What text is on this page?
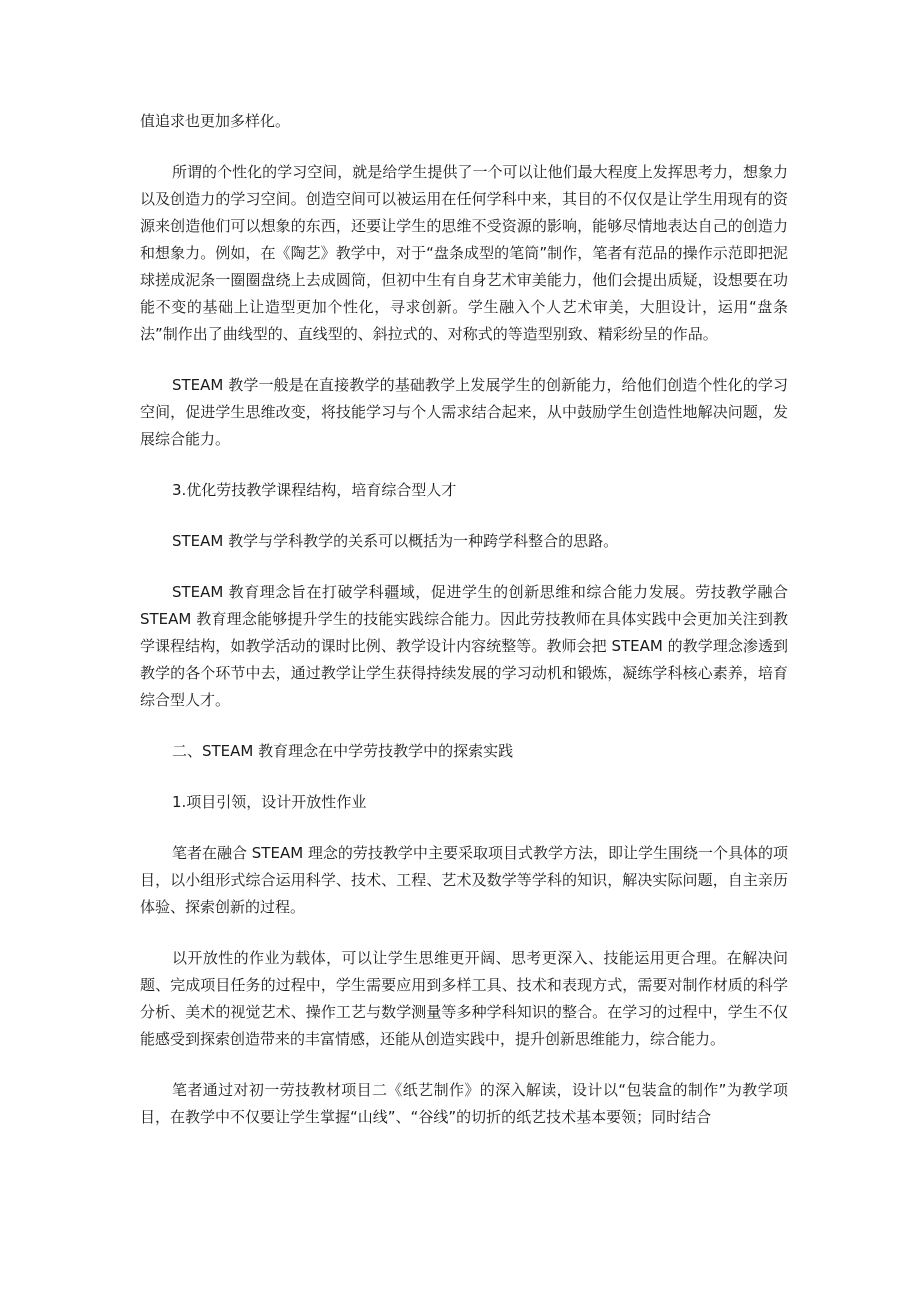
值追求也更加多样化。

所谓的个性化的学习空间，就是给学生提供了一个可以让他们最大程度上发挥思考力，想象力以及创造力的学习空间。创造空间可以被运用在任何学科中来，其目的不仅仅是让学生用现有的资源来创造他们可以想象的东西，还要让学生的思维不受资源的影响，能够尽情地表达自己的创造力和想象力。例如，在《陶艺》教学中，对于“盘条成型的笔筒”制作，笔者有范品的操作示范即把泥球搓成泥条一圈圈盘绕上去成圆筒，但初中生有自身艺术审美能力，他们会提出质疑，设想要在功能不变的基础上让造型更加个性化，寻求创新。学生融入个人艺术审美，大胆设计，运用“盘条法”制作出了曲线型的、直线型的、斜拉式的、对称式的等造型别致、精彩纷呈的作品。

STEAM 教学一般是在直接教学的基础教学上发展学生的创新能力，给他们创造个性化的学习空间，促进学生思维改变，将技能学习与个人需求结合起来，从中鼓励学生创造性地解决问题，发展综合能力。

3.优化劳技教学课程结构，培育综合型人才

STEAM 教学与学科教学的关系可以概括为一种跨学科整合的思路。

STEAM 教育理念旨在打破学科疆域，促进学生的创新思维和综合能力发展。劳技教学融合 STEAM 教育理念能够提升学生的技能实践综合能力。因此劳技教师在具体实践中会更加关注到教学课程结构，如教学活动的课时比例、教学设计内容统整等。教师会把 STEAM 的教学理念渗透到教学的各个环节中去，通过教学让学生获得持续发展的学习动机和锻炼，凝练学科核心素养，培育综合型人才。

二、STEAM 教育理念在中学劳技教学中的探索实践

1.项目引领，设计开放性作业

笔者在融合 STEAM 理念的劳技教学中主要采取项目式教学方法，即让学生围绕一个具体的项目，以小组形式综合运用科学、技术、工程、艺术及数学等学科的知识，解决实际问题，自主亲历体验、探索创新的过程。

以开放性的作业为载体，可以让学生思维更开阔、思考更深入、技能运用更合理。在解决问题、完成项目任务的过程中，学生需要应用到多样工具、技术和表现方式，需要对制作材质的科学分析、美术的视觉艺术、操作工艺与数学测量等多种学科知识的整合。在学习的过程中，学生不仅能感受到探索创造带来的丰富情感，还能从创造实践中，提升创新思维能力，综合能力。

笔者通过对初一劳技教材项目二《纸艺制作》的深入解读，设计以“包装盒的制作”为教学项目，在教学中不仅要让学生掌握“山线”、“谷线”的切折的纸艺技术基本要领；同时结合
